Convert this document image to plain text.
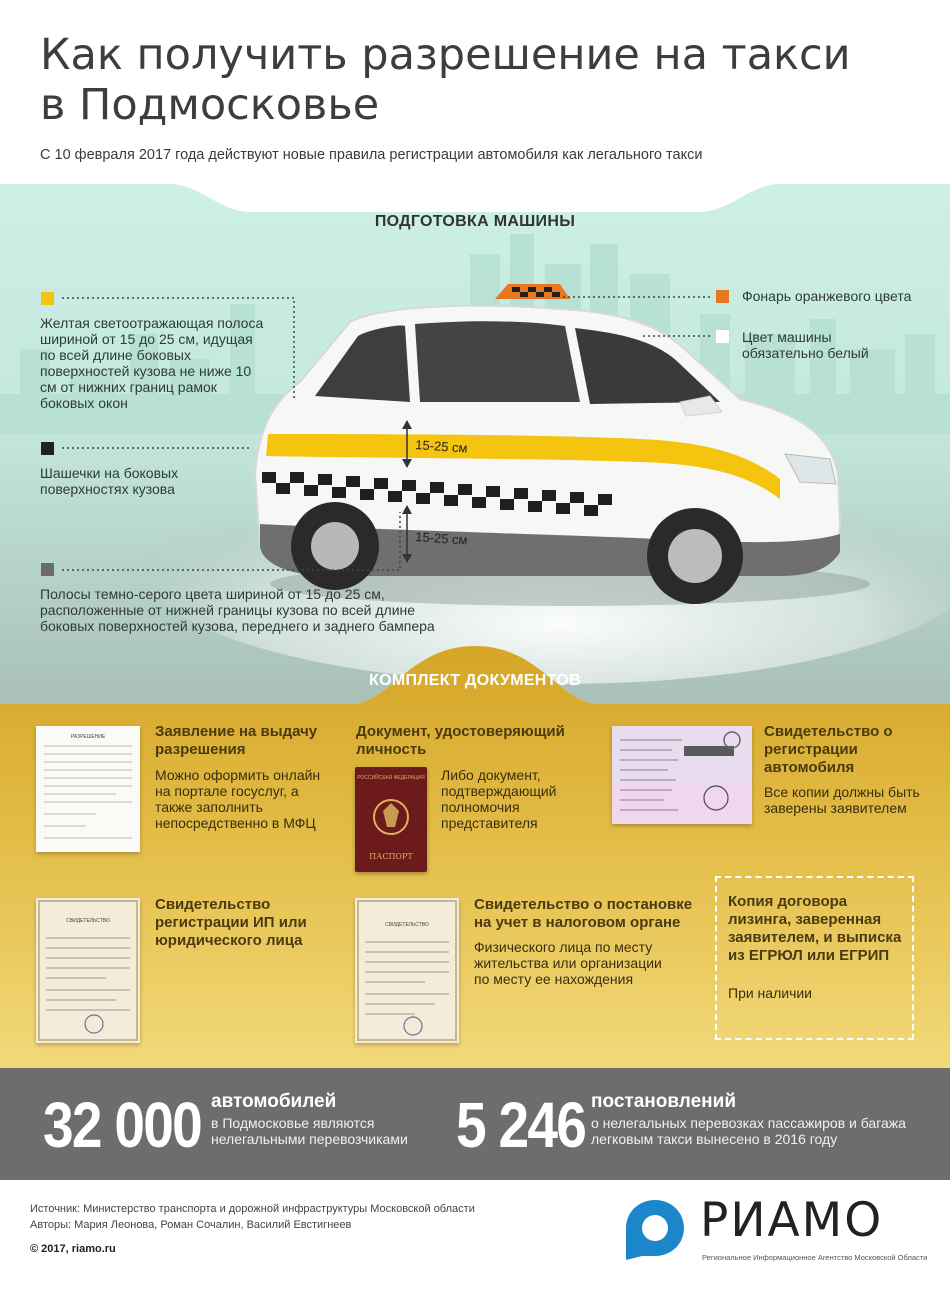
Как получить разрешение на такси
в Подмосковье
С 10 февраля 2017 года действуют новые правила регистрации автомобиля как легального такси
ПОДГОТОВКА МАШИНЫ
15-25 см
15-25 см
Желтая светоотражающая полоса шириной от 15 до 25 см, идущая по всей длине боковых поверхностей кузова не ниже 10 см от нижних границ рамок боковых окон
Шашечки на боковых поверхностях кузова
Полосы темно-серого цвета шириной от 15 до 25 см, расположенные от нижней границы кузова по всей длине боковых поверхностей кузова, переднего и заднего бампера
Фонарь оранжевого цвета
Цвет машины обязательно белый
КОМПЛЕКТ ДОКУМЕНТОВ
РАЗРЕШЕНИЕ	Заявление на выдачу разрешения
Можно оформить онлайн на портале госуслуг, а также заполнить непосредственно в МФЦ
Документ, удостоверяющий личность
РОССИЙСКАЯ ФЕДЕРАЦИЯ
ПАСПОРТ
Либо документ, подтверждающий полномочия представителя
Свидетельство о регистрации автомобиля
Все копии должны быть заверены заявителем
СВИДЕТЕЛЬСТВО
Свидетельство регистрации ИП или юридического лица
СВИДЕТЕЛЬСТВО
Свидетельство о постановке на учет в налоговом органе
Физического лица по месту жительства или организации по месту ее нахождения
Копия договора лизинга, заверенная заявителем, и выписка из ЕГРЮЛ или ЕГРИП
При наличии
32 000 автомобилей
в Подмосковье являются нелегальными перевозчиками 5 246 постановлений
о нелегальных перевозках пассажиров и багажа легковым такси вынесено в 2016 году
Источник: Министерство транспорта и дорожной инфраструктуры Московской области
Авторы: Мария Леонова, Роман Сочалин, Василий Евстигнеев
© 2017, riamo.ru
РИАМО
Региональное Информационное Агентство Московской Области
